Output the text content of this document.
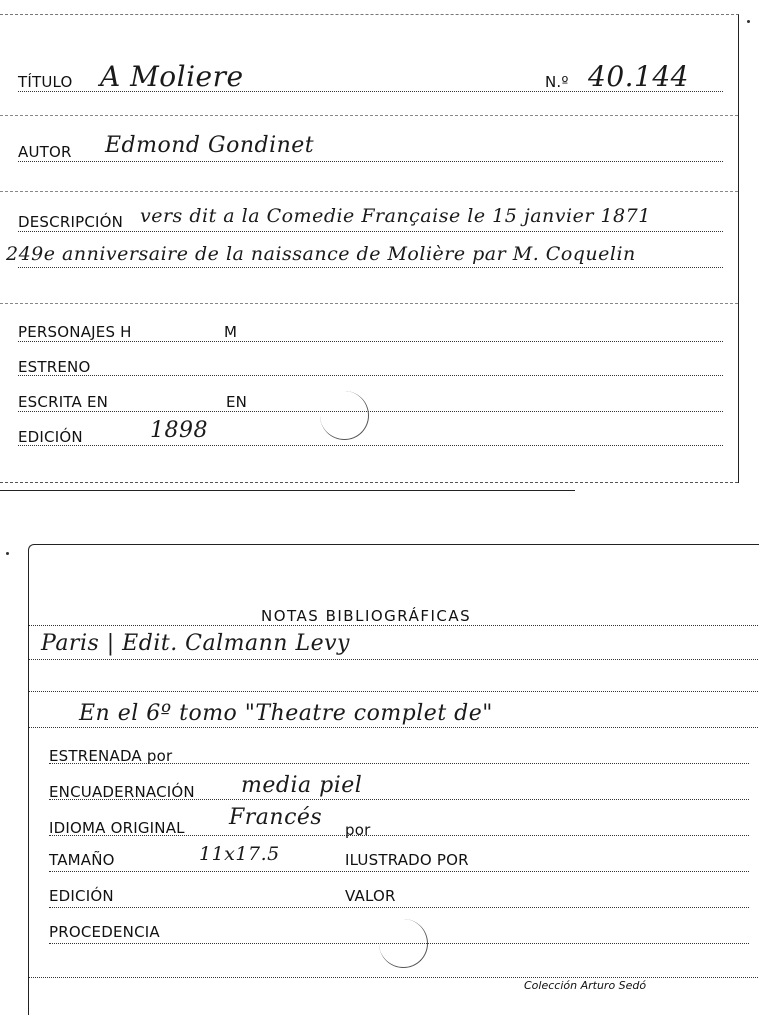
TÍTULO A Moliere	N.º 40.144
AUTOR Edmond Gondinet
DESCRIPCIÓN vers dit a la Comedie Française le 15 janvier 1871
249e anniversaire de la naissance de Molière par M. Coquelin
PERSONAJES H	M
ESTRENO
ESCRITA EN	EN
EDICIÓN	1898
NOTAS BIBLIOGRÁFICAS
Paris | Edit. Calmann Levy
En el 6º tomo "Theatre complet de"
ESTRENADA por
ENCUADERNACIÓN media piel
IDIOMA ORIGINAL Francés por
TAMAÑO	11x17.5	ILUSTRADO POR
EDICIÓN	VALOR
PROCEDENCIA
Colección Arturo Sedó
